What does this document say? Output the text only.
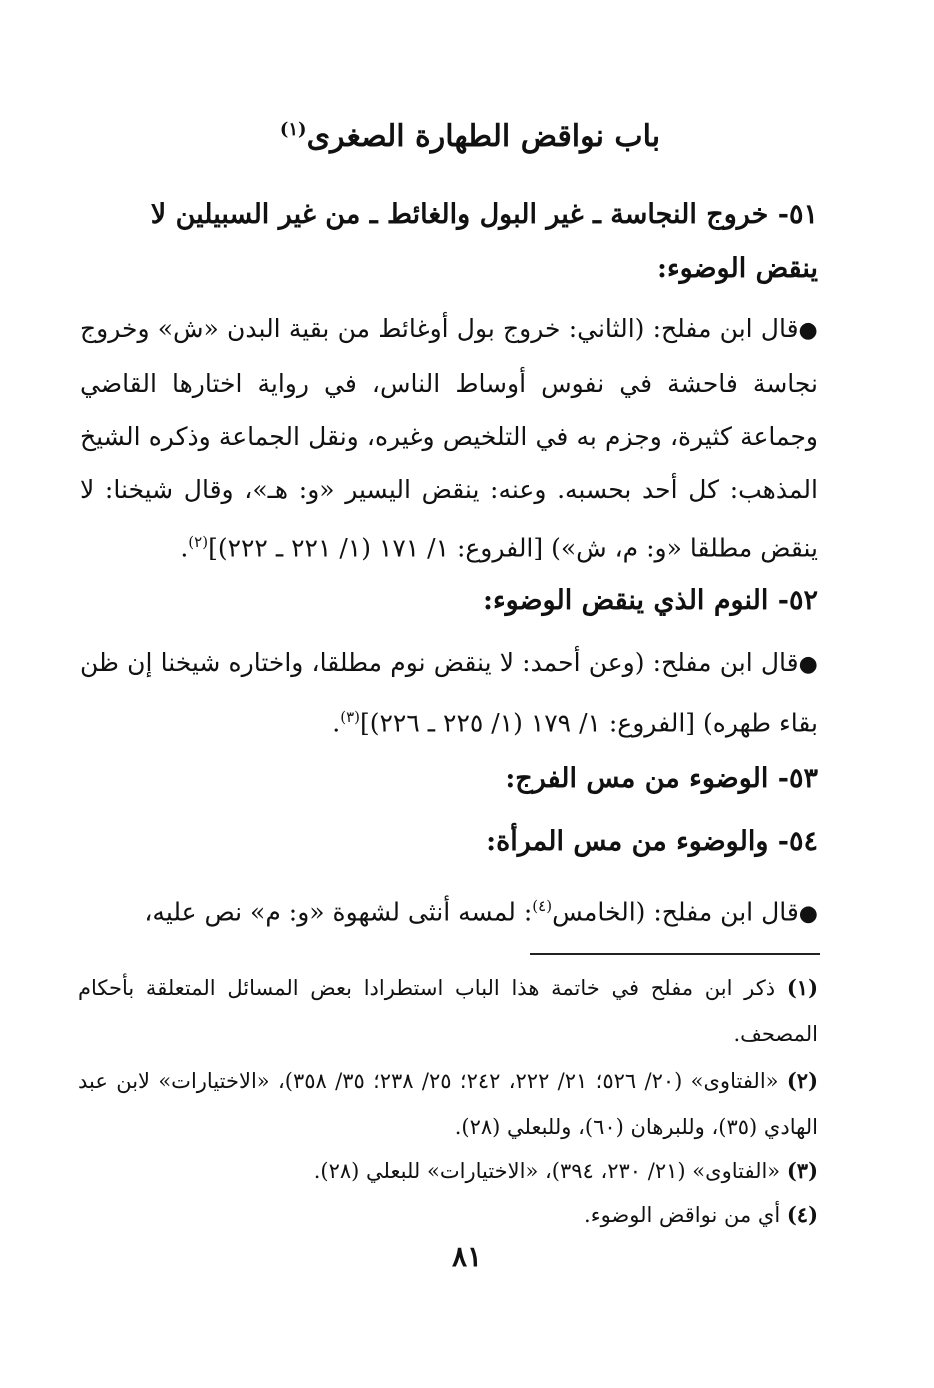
باب نواقض الطهارة الصغرى$^{(١)}$
٥١- خروج النجاسة ـ غير البول والغائط ـ من غير السبيلين لا ينقض الوضوء:
●قال ابن مفلح: (الثاني: خروج بول أوغائط من بقية البدن «ش» وخروج نجاسة فاحشة في نفوس أوساط الناس، في رواية اختارها القاضي وجماعة كثيرة، وجزم به في التلخيص وغيره، ونقل الجماعة وذكره الشيخ المذهب: كل أحد بحسبه. وعنه: ينقض اليسير «و: هـ»، وقال شيخنا: لا ينقض مطلقا «و: م، ش») [الفروع: ١/ ١٧١ (١/ ٢٢١ ـ ٢٢٢)]$^{(٢)}$.
٥٢- النوم الذي ينقض الوضوء:
●قال ابن مفلح: (وعن أحمد: لا ينقض نوم مطلقا، واختاره شيخنا إن ظن بقاء طهره) [الفروع: ١/ ١٧٩ (١/ ٢٢٥ ـ ٢٢٦)]$^{(٣)}$.
٥٣- الوضوء من مس الفرج:
٥٤- والوضوء من مس المرأة:
●قال ابن مفلح: (الخامس$^{(٤)}$: لمسه أنثى لشهوة «و: م» نص عليه،
(١) ذكر ابن مفلح في خاتمة هذا الباب استطرادا بعض المسائل المتعلقة بأحكام المصحف.
(٢) «الفتاوى» (٢٠/ ٥٢٦؛ ٢١/ ٢٢٢، ٢٤٢؛ ٢٥/ ٢٣٨؛ ٣٥/ ٣٥٨)، «الاختيارات» لابن عبد الهادي (٣٥)، وللبرهان (٦٠)، وللبعلي (٢٨).
(٣) «الفتاوى» (٢١/ ٢٣٠، ٣٩٤)، «الاختيارات» للبعلي (٢٨).
(٤) أي من نواقض الوضوء.
٨١
